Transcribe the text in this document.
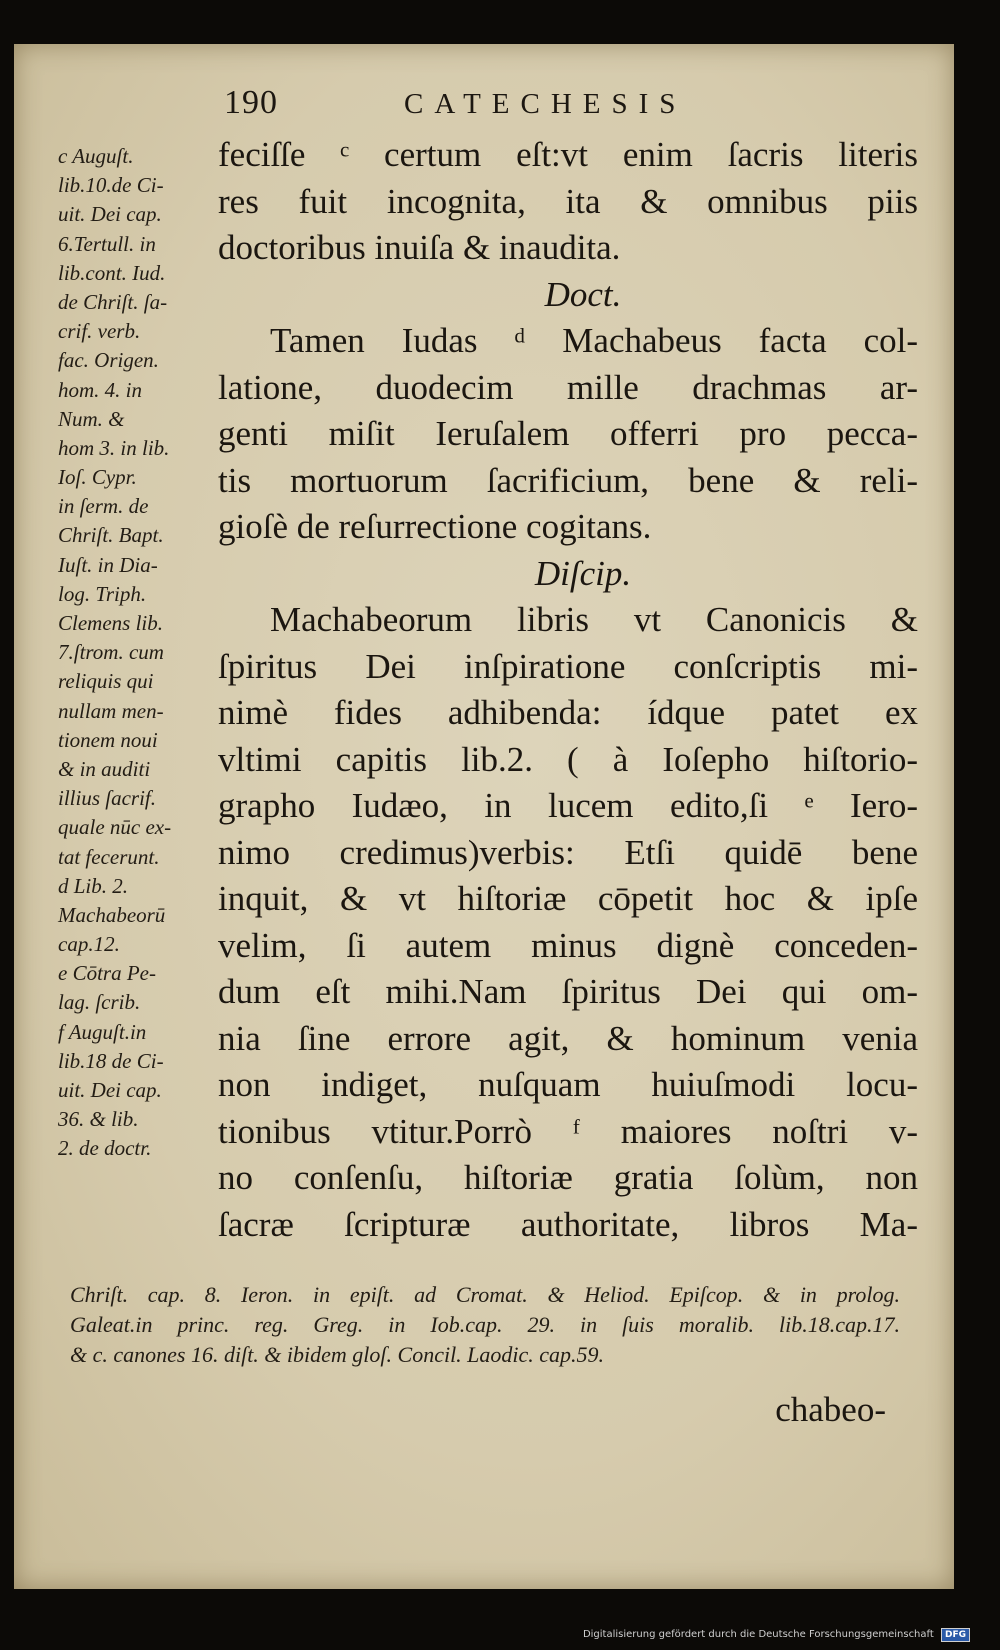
190	CATECHESIS
c Auguſt.
lib.10.de Ci-
uit. Dei cap.
6.Tertull. in
lib.cont. Iud.
de Chriſt. ſa-
crif. verb.
fac. Origen.
hom. 4. in
Num. &
hom 3. in lib.
Ioſ. Cypr.
in ſerm. de
Chriſt. Bapt.
Iuſt. in Dia-
log. Triph.
Clemens lib.
7.ſtrom. cum
reliquis qui
nullam men-
tionem noui
& in auditi
illius ſacrif.
quale nūc ex-
tat fecerunt.
d Lib. 2.
Machabeorū
cap.12.
e Cōtra Pe-
lag. ſcrib.
f Auguſt.in
lib.18 de Ci-
uit. Dei cap.
36. & lib.
2. de doctr.
feciſſe ᶜ certum eſt:vt enim ſacris literis
res fuit incognita, ita & omnibus piis
doctoribus inuiſa & inaudita.
Doct.
Tamen Iudas ᵈ Machabeus facta col-
latione, duodecim mille drachmas ar-
genti miſit Ieruſalem offerri pro pecca-
tis mortuorum ſacrificium, bene & reli-
gioſè de reſurrectione cogitans.
Diſcip.
Machabeorum libris vt Canonicis &
ſpiritus Dei inſpiratione conſcriptis mi-
nimè fides adhibenda: ídque patet ex
vltimi capitis lib.2. ( à Ioſepho hiſtorio-
grapho Iudæo, in lucem edito,ſi ᵉ Iero-
nimo credimus)verbis: Etſi quidē bene
inquit, & vt hiſtoriæ cōpetit hoc & ipſe
velim, ſi autem minus dignè conceden-
dum eſt mihi.Nam ſpiritus Dei qui om-
nia ſine errore agit, & hominum venia
non indiget, nuſquam huiuſmodi locu-
tionibus vtitur.Porrò ᶠ maiores noſtri v-
no conſenſu, hiſtoriæ gratia ſolùm, non
ſacræ ſcripturæ authoritate, libros Ma-
Chriſt. cap. 8. Ieron. in epiſt. ad Cromat. & Heliod. Epiſcop. & in prolog.
Galeat.in princ. reg. Greg. in Iob.cap. 29. in ſuis moralib. lib.18.cap.17.
& c. canones 16. diſt. & ibidem gloſ. Concil. Laodic. cap.59.
chabeo-
Digitalisierung gefördert durch die Deutsche Forschungsgemeinschaft DFG
